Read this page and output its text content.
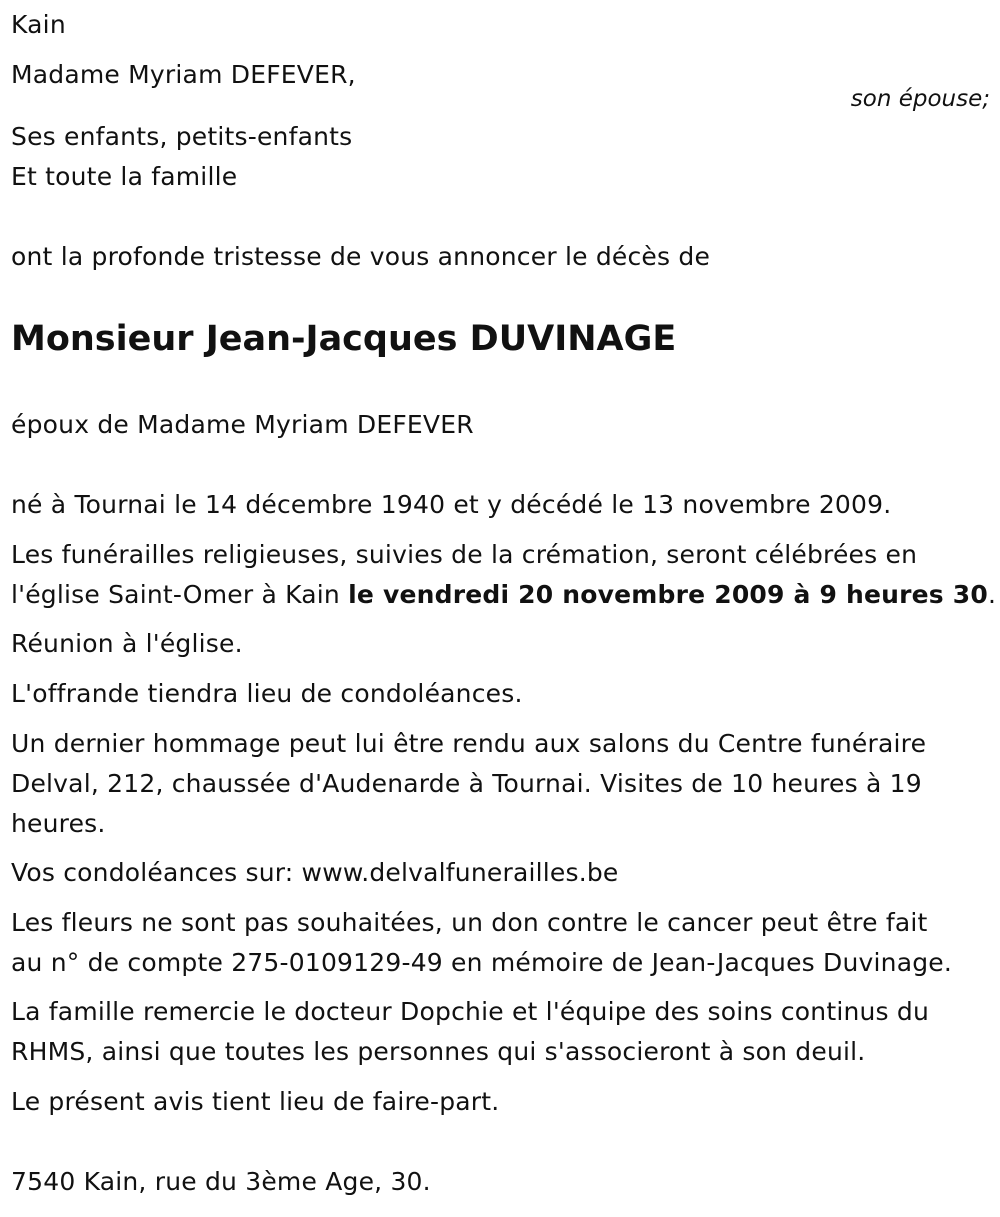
Kain
Madame Myriam DEFEVER,
son épouse;
Ses enfants, petits-enfants
Et toute la famille
ont la profonde tristesse de vous annoncer le décès de
Monsieur Jean-Jacques DUVINAGE
époux de Madame Myriam DEFEVER
né à Tournai le 14 décembre 1940 et y décédé le 13 novembre 2009.
Les funérailles religieuses, suivies de la crémation, seront célébrées en
l'église Saint-Omer à Kain le vendredi 20 novembre 2009 à 9 heures 30.
Réunion à l'église.
L'offrande tiendra lieu de condoléances.
Un dernier hommage peut lui être rendu aux salons du Centre funéraire
Delval, 212, chaussée d'Audenarde à Tournai. Visites de 10 heures à 19
heures.
Vos condoléances sur: www.delvalfunerailles.be
Les fleurs ne sont pas souhaitées, un don contre le cancer peut être fait
au n° de compte 275-0109129-49 en mémoire de Jean-Jacques Duvinage.
La famille remercie le docteur Dopchie et l'équipe des soins continus du
RHMS, ainsi que toutes les personnes qui s'associeront à son deuil.
Le présent avis tient lieu de faire-part.
7540 Kain, rue du 3ème Age, 30.
